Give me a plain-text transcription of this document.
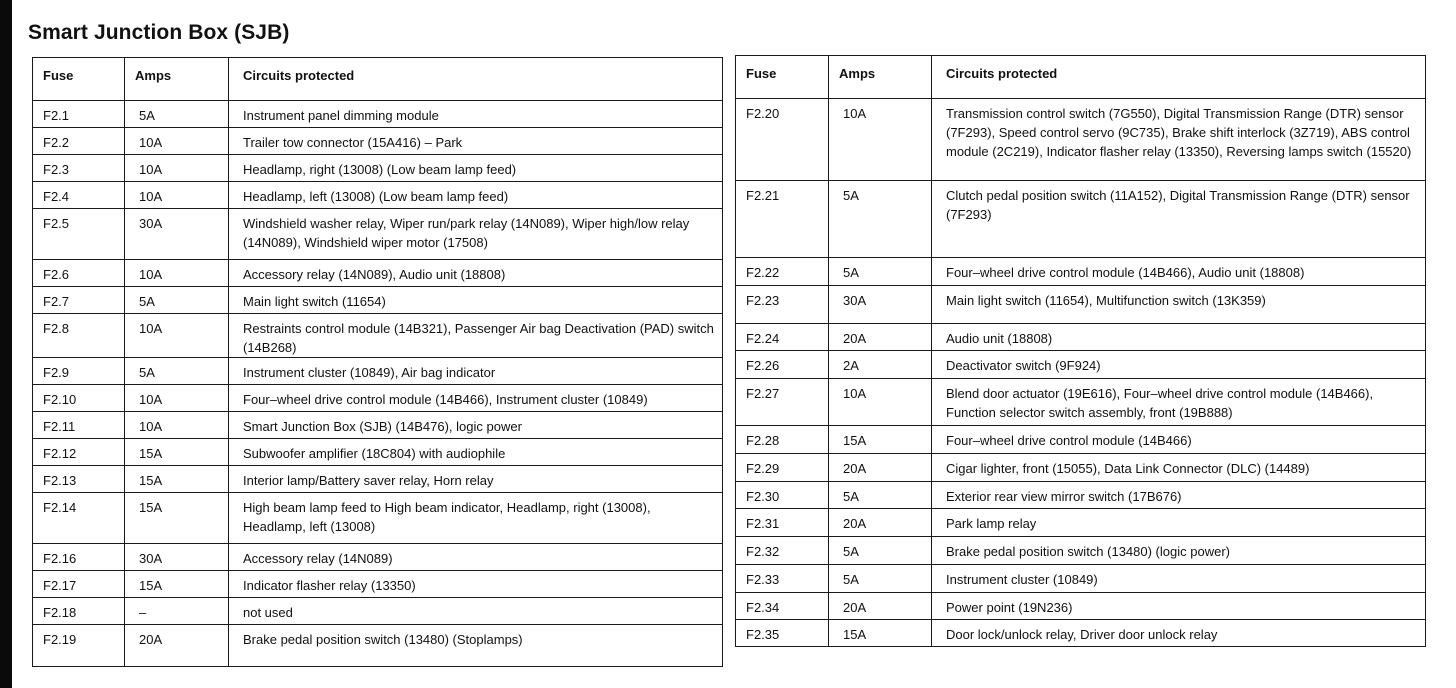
Smart Junction Box (SJB)
Fuse	Amps	Circuits protected
F2.1	5A	Instrument panel dimming module
F2.2	10A	Trailer tow connector (15A416) – Park
F2.3	10A	Headlamp, right (13008) (Low beam lamp feed)
F2.4	10A	Headlamp, left (13008) (Low beam lamp feed)
F2.5	30A	Windshield washer relay, Wiper run/park relay (14N089), Wiper high/low relay (14N089), Windshield wiper motor (17508)
F2.6	10A	Accessory relay (14N089), Audio unit (18808)
F2.7	5A	Main light switch (11654)
F2.8	10A	Restraints control module (14B321), Passenger Air bag Deactivation (PAD) switch (14B268)
F2.9	5A	Instrument cluster (10849), Air bag indicator
F2.10	10A	Four–wheel drive control module (14B466), Instrument cluster (10849)
F2.11	10A	Smart Junction Box (SJB) (14B476), logic power
F2.12	15A	Subwoofer amplifier (18C804) with audiophile
F2.13	15A	Interior lamp/Battery saver relay, Horn relay
F2.14	15A	High beam lamp feed to High beam indicator, Headlamp, right (13008), Headlamp, left (13008)
F2.16	30A	Accessory relay (14N089)
F2.17	15A	Indicator flasher relay (13350)
F2.18	–	not used
F2.19	20A	Brake pedal position switch (13480) (Stoplamps)
Fuse	Amps	Circuits protected
F2.20	10A	Transmission control switch (7G550), Digital Transmission Range (DTR) sensor (7F293), Speed control servo (9C735), Brake shift interlock (3Z719), ABS control module (2C219), Indicator flasher relay (13350), Reversing lamps switch (15520)
F2.21	5A	Clutch pedal position switch (11A152), Digital Transmission Range (DTR) sensor (7F293)
F2.22	5A	Four–wheel drive control module (14B466), Audio unit (18808)
F2.23	30A	Main light switch (11654), Multifunction switch (13K359)
F2.24	20A	Audio unit (18808)
F2.26	2A	Deactivator switch (9F924)
F2.27	10A	Blend door actuator (19E616), Four–wheel drive control module (14B466), Function selector switch assembly, front (19B888)
F2.28	15A	Four–wheel drive control module (14B466)
F2.29	20A	Cigar lighter, front (15055), Data Link Connector (DLC) (14489)
F2.30	5A	Exterior rear view mirror switch (17B676)
F2.31	20A	Park lamp relay
F2.32	5A	Brake pedal position switch (13480) (logic power)
F2.33	5A	Instrument cluster (10849)
F2.34	20A	Power point (19N236)
F2.35	15A	Door lock/unlock relay, Driver door unlock relay
